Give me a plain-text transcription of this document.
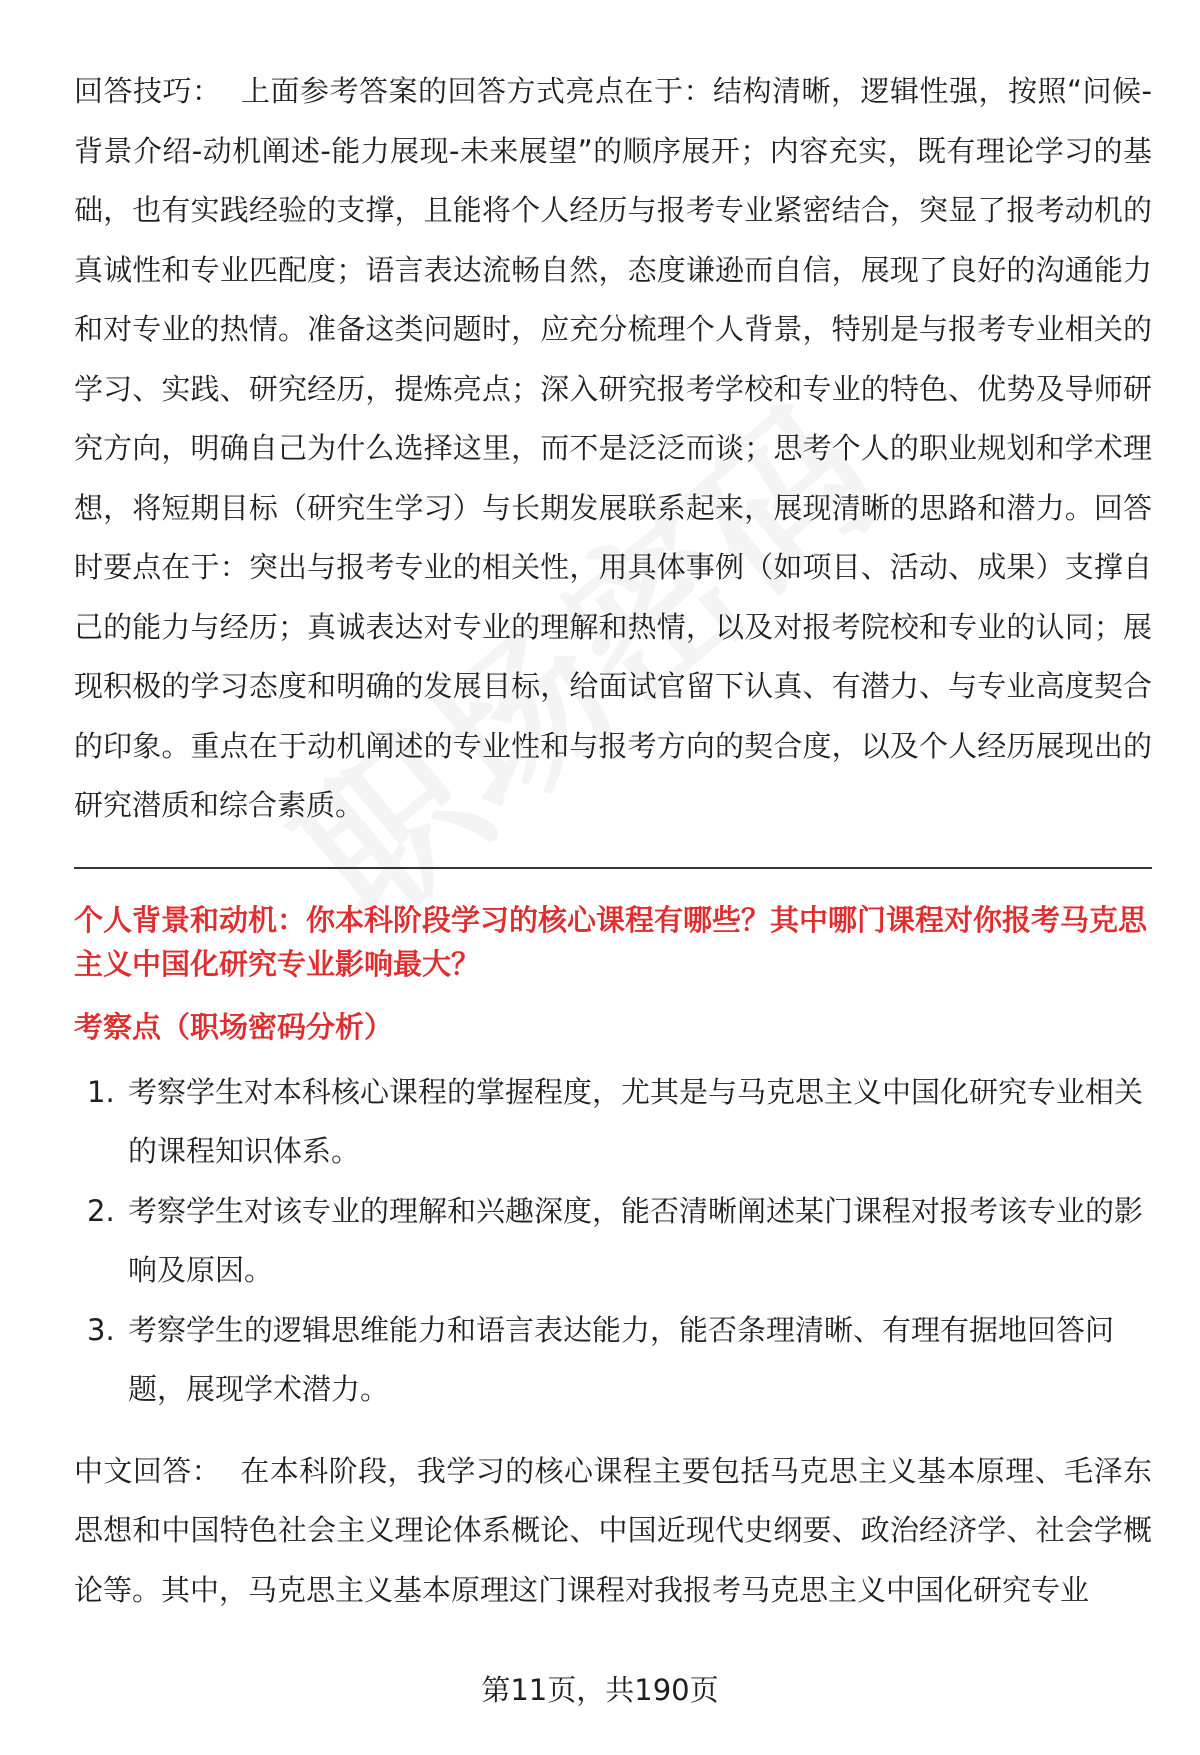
回答技巧： 上面参考答案的回答方式亮点在于：结构清晰，逻辑性强，按照“问候-背景介绍-动机阐述-能力展现-未来展望”的顺序展开；内容充实，既有理论学习的基础，也有实践经验的支撑，且能将个人经历与报考专业紧密结合，突显了报考动机的真诚性和专业匹配度；语言表达流畅自然，态度谦逊而自信，展现了良好的沟通能力和对专业的热情。准备这类问题时，应充分梳理个人背景，特别是与报考专业相关的学习、实践、研究经历，提炼亮点；深入研究报考学校和专业的特色、优势及导师研究方向，明确自己为什么选择这里，而不是泛泛而谈；思考个人的职业规划和学术理想，将短期目标（研究生学习）与长期发展联系起来，展现清晰的思路和潜力。回答时要点在于：突出与报考专业的相关性，用具体事例（如项目、活动、成果）支撑自己的能力与经历；真诚表达对专业的理解和热情，以及对报考院校和专业的认同；展现积极的学习态度和明确的发展目标，给面试官留下认真、有潜力、与专业高度契合的印象。重点在于动机阐述的专业性和与报考方向的契合度，以及个人经历展现出的研究潜质和综合素质。

个人背景和动机：你本科阶段学习的核心课程有哪些？其中哪门课程对你报考马克思主义中国化研究专业影响最大？

考察点（职场密码分析）

1. 考察学生对本科核心课程的掌握程度，尤其是与马克思主义中国化研究专业相关的课程知识体系。
2. 考察学生对该专业的理解和兴趣深度，能否清晰阐述某门课程对报考该专业的影响及原因。
3. 考察学生的逻辑思维能力和语言表达能力，能否条理清晰、有理有据地回答问题，展现学术潜力。

中文回答： 在本科阶段，我学习的核心课程主要包括马克思主义基本原理、毛泽东思想和中国特色社会主义理论体系概论、中国近现代史纲要、政治经济学、社会学概论等。其中，马克思主义基本原理这门课程对我报考马克思主义中国化研究专业

第11页，共190页
